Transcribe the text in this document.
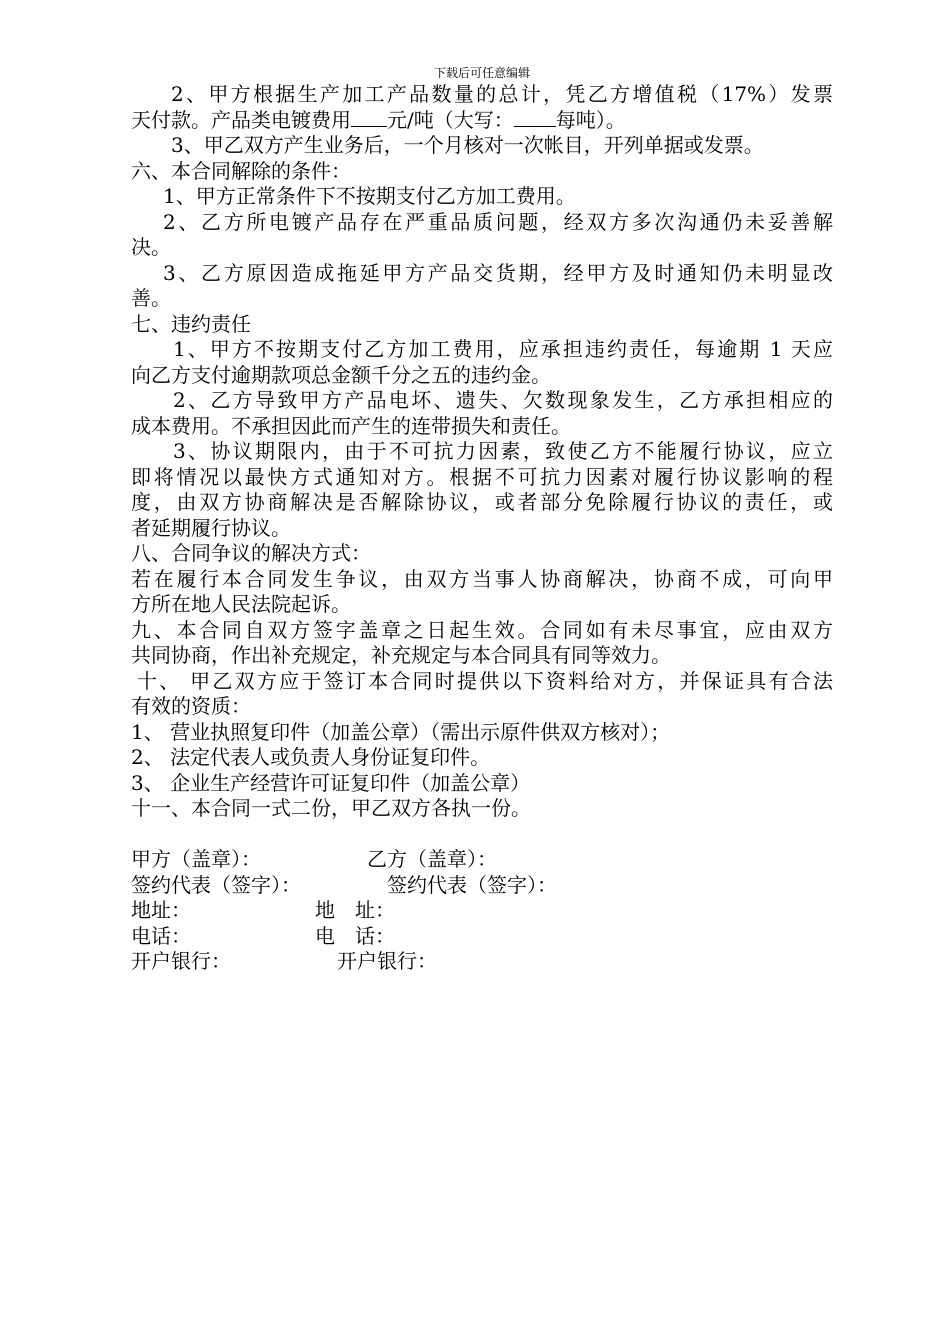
下载后可任意编辑
2、甲方根据生产加工产品数量的总计，凭乙方增值税（17%）发票
天付款。产品类电镀费用 元/吨（大写： 每吨）。
3、甲乙双方产生业务后，一个月核对一次帐目，开列单据或发票。
六、本合同解除的条件：
1、甲方正常条件下不按期支付乙方加工费用。
2、乙方所电镀产品存在严重品质问题，经双方多次沟通仍未妥善解
决。
3、乙方原因造成拖延甲方产品交货期，经甲方及时通知仍未明显改
善。
七、违约责任
1、甲方不按期支付乙方加工费用，应承担违约责任，每逾期 1 天应
向乙方支付逾期款项总金额千分之五的违约金。
2、乙方导致甲方产品电坏、遗失、欠数现象发生，乙方承担相应的
成本费用。不承担因此而产生的连带损失和责任。
3、协议期限内，由于不可抗力因素，致使乙方不能履行协议，应立
即将情况以最快方式通知对方。根据不可抗力因素对履行协议影响的程
度，由双方协商解决是否解除协议，或者部分免除履行协议的责任，或
者延期履行协议。
八、合同争议的解决方式：
若在履行本合同发生争议，由双方当事人协商解决，协商不成，可向甲
方所在地人民法院起诉。
九、本合同自双方签字盖章之日起生效。合同如有未尽事宜，应由双方
共同协商，作出补充规定，补充规定与本合同具有同等效力。
十、 甲乙双方应于签订本合同时提供以下资料给对方，并保证具有合法
有效的资质：
1、 营业执照复印件（加盖公章）（需出示原件供双方核对）；
2、 法定代表人或负责人身份证复印件。
3、 企业生产经营许可证复印件（加盖公章）
十一、本合同一式二份，甲乙双方各执一份。
甲方（盖章）：	乙方（盖章）：
签约代表（签字）：	签约代表（签字）：
地址：	地　址：
电话：	电　话：
开户银行：	开户银行：
